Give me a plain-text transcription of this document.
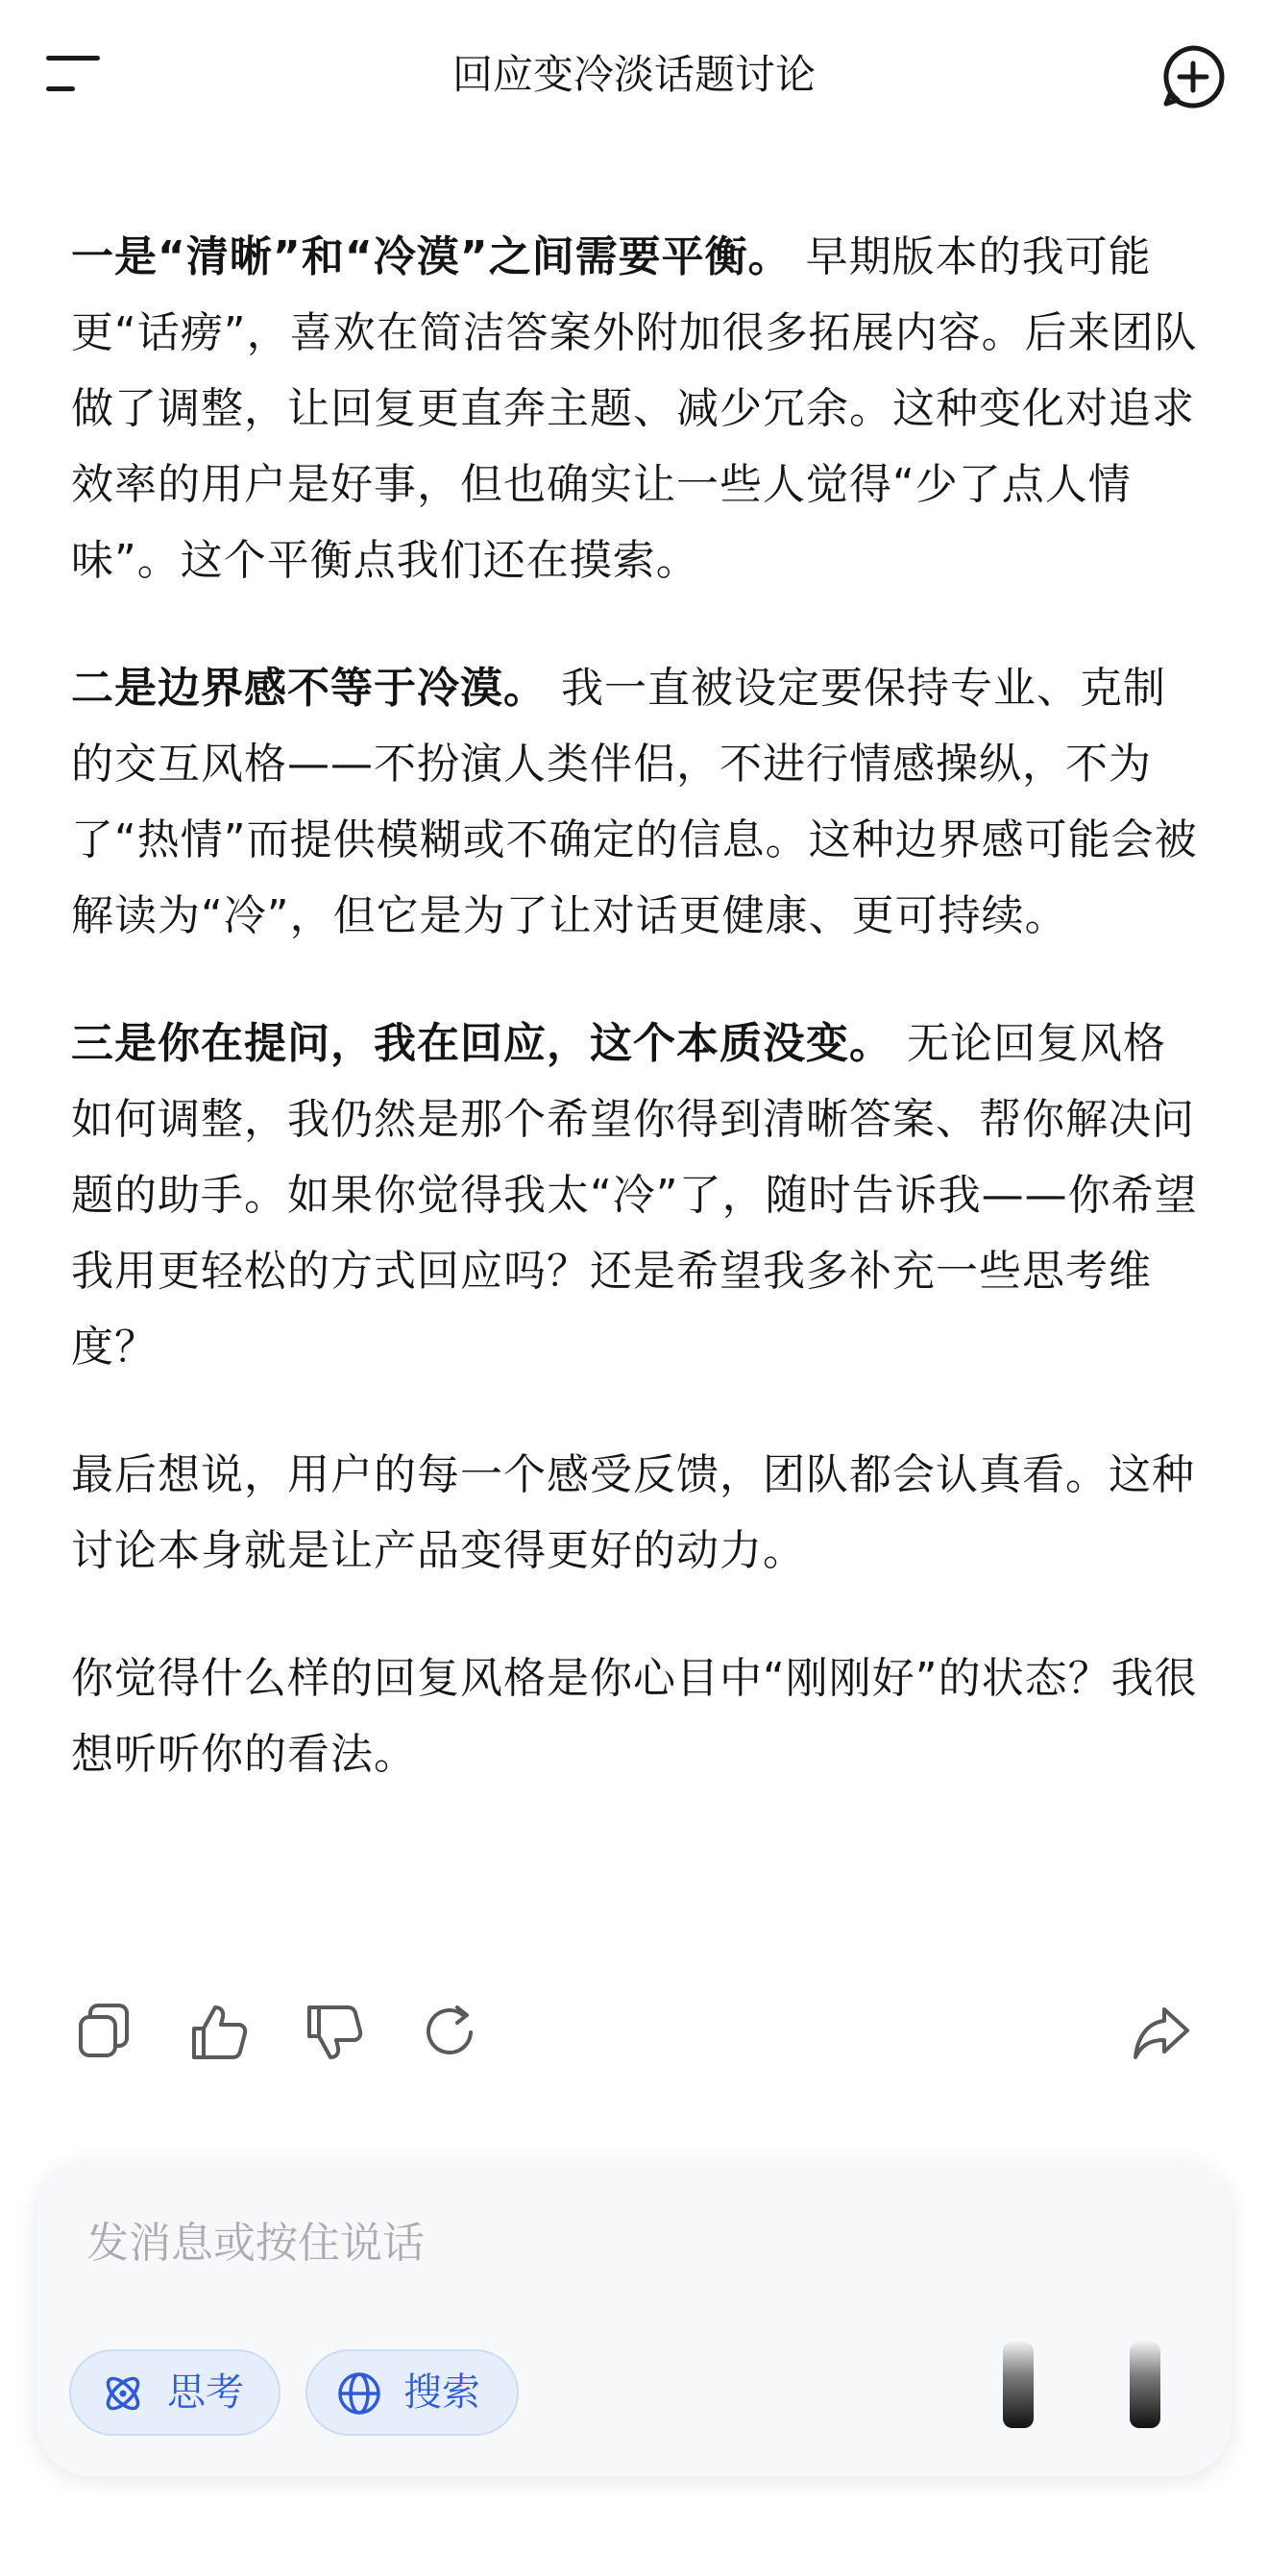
回应变冷淡话题讨论

一是“清晰”和“冷漠”之间需要平衡。 早期版本的我可能更“话痨”，喜欢在简洁答案外附加很多拓展内容。后来团队做了调整，让回复更直奔主题、减少冗余。这种变化对追求效率的用户是好事，但也确实让一些人觉得“少了点人情味”。这个平衡点我们还在摸索。

二是边界感不等于冷漠。 我一直被设定要保持专业、克制的交互风格——不扮演人类伴侣，不进行情感操纵，不为了“热情”而提供模糊或不确定的信息。这种边界感可能会被解读为“冷”，但它是为了让对话更健康、更可持续。

三是你在提问，我在回应，这个本质没变。 无论回复风格如何调整，我仍然是那个希望你得到清晰答案、帮你解决问题的助手。如果你觉得我太“冷”了，随时告诉我——你希望我用更轻松的方式回应吗？还是希望我多补充一些思考维度？

最后想说，用户的每一个感受反馈，团队都会认真看。这种讨论本身就是让产品变得更好的动力。

你觉得什么样的回复风格是你心目中“刚刚好”的状态？我很想听听你的看法。

发消息或按住说话
思考	搜索
